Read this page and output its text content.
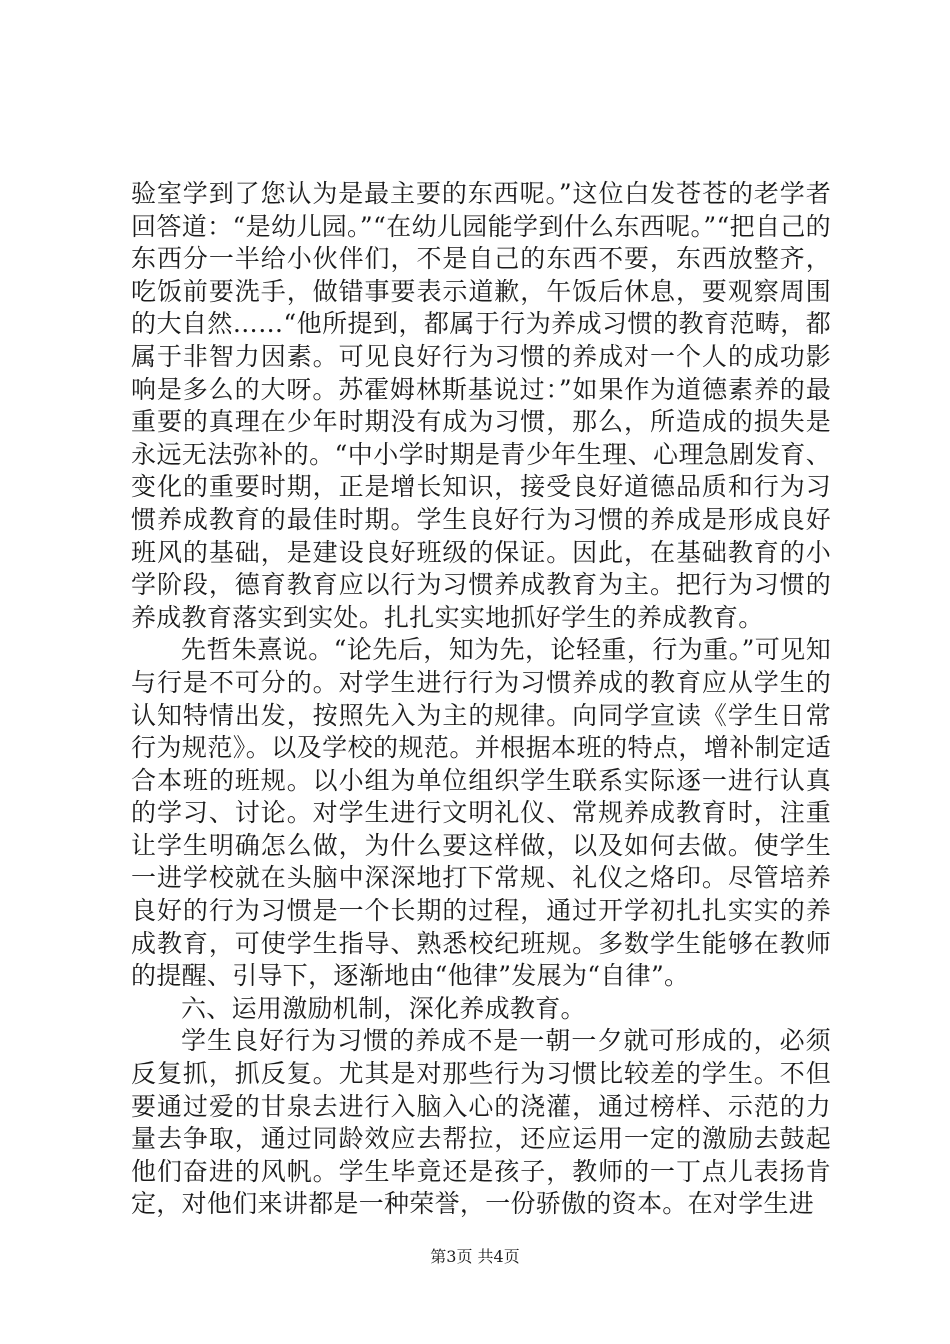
验室学到了您认为是最主要的东西呢。”这位白发苍苍的老学者回答道：“是幼儿园。”“在幼儿园能学到什么东西呢。”“把自己的东西分一半给小伙伴们，不是自己的东西不要，东西放整齐，吃饭前要洗手，做错事要表示道歉，午饭后休息，要观察周围的大自然……“他所提到，都属于行为养成习惯的教育范畴，都属于非智力因素。可见良好行为习惯的养成对一个人的成功影响是多么的大呀。苏霍姆林斯基说过：”如果作为道德素养的最重要的真理在少年时期没有成为习惯，那么，所造成的损失是永远无法弥补的。“中小学时期是青少年生理、心理急剧发育、变化的重要时期，正是增长知识，接受良好道德品质和行为习惯养成教育的最佳时期。学生良好行为习惯的养成是形成良好班风的基础，是建设良好班级的保证。因此，在基础教育的小学阶段，德育教育应以行为习惯养成教育为主。把行为习惯的养成教育落实到实处。扎扎实实地抓好学生的养成教育。

先哲朱熹说。“论先后，知为先，论轻重，行为重。”可见知与行是不可分的。对学生进行行为习惯养成的教育应从学生的认知特情出发，按照先入为主的规律。向同学宣读《学生日常行为规范》。以及学校的规范。并根据本班的特点，增补制定适合本班的班规。以小组为单位组织学生联系实际逐一进行认真的学习、讨论。对学生进行文明礼仪、常规养成教育时，注重让学生明确怎么做，为什么要这样做，以及如何去做。使学生一进学校就在头脑中深深地打下常规、礼仪之烙印。尽管培养良好的行为习惯是一个长期的过程，通过开学初扎扎实实的养成教育，可使学生指导、熟悉校纪班规。多数学生能够在教师的提醒、引导下，逐渐地由“他律”发展为“自律”。

六、运用激励机制，深化养成教育。

学生良好行为习惯的养成不是一朝一夕就可形成的，必须反复抓，抓反复。尤其是对那些行为习惯比较差的学生。不但要通过爱的甘泉去进行入脑入心的浇灌，通过榜样、示范的力量去争取，通过同龄效应去帮拉，还应运用一定的激励去鼓起他们奋进的风帆。学生毕竟还是孩子，教师的一丁点儿表扬肯定，对他们来讲都是一种荣誉，一份骄傲的资本。在对学生进

第3页 共4页
